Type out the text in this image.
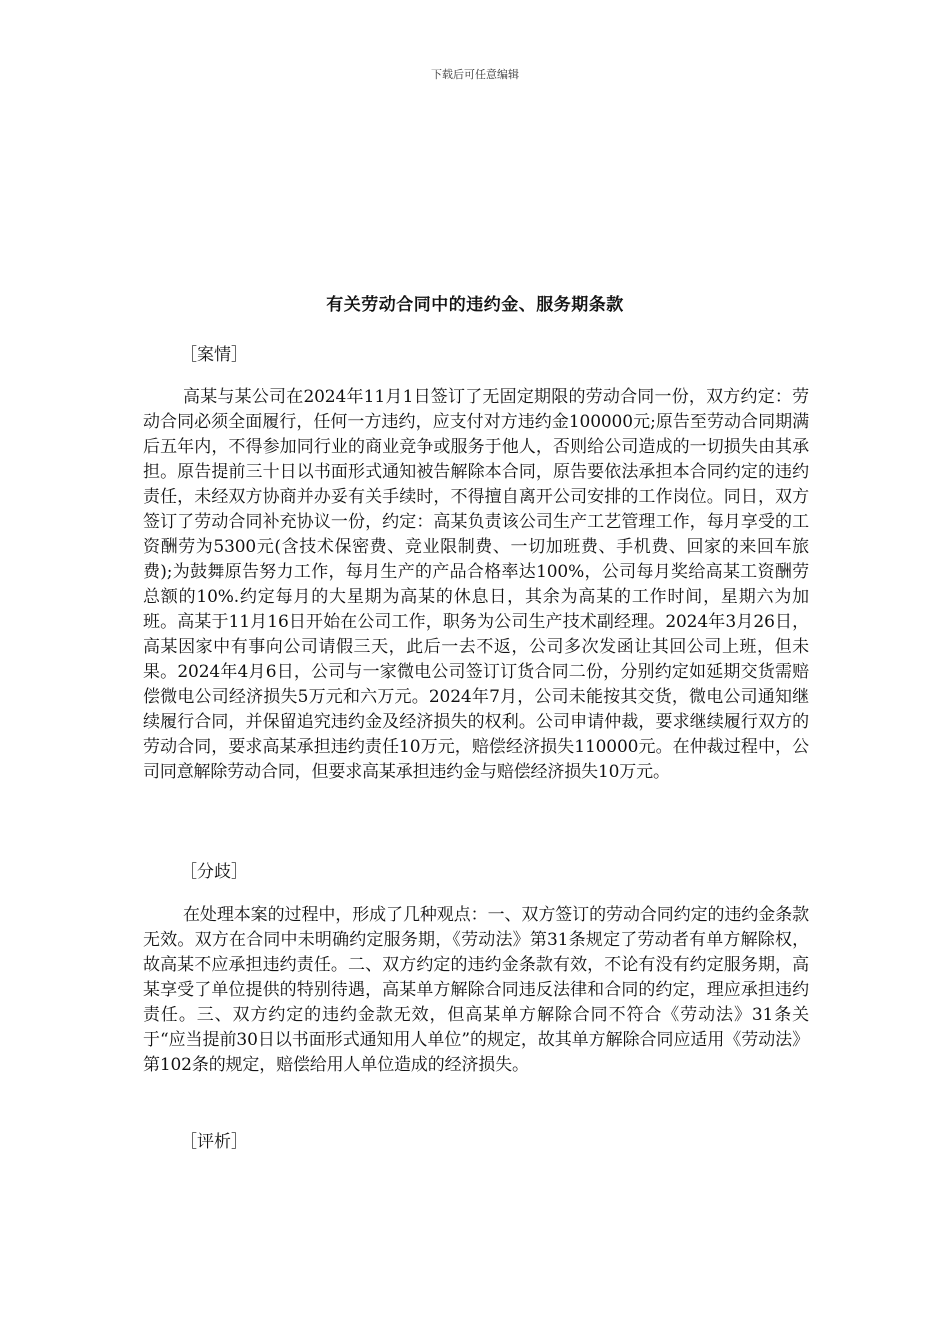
下载后可任意编辑
有关劳动合同中的违约金、服务期条款
［案情］

高某与某公司在2024年11月1日签订了无固定期限的劳动合同一份，双方约定：劳动合同必须全面履行，任何一方违约，应支付对方违约金100000元;原告至劳动合同期满后五年内，不得参加同行业的商业竞争或服务于他人，否则给公司造成的一切损失由其承担。原告提前三十日以书面形式通知被告解除本合同，原告要依法承担本合同约定的违约责任，未经双方协商并办妥有关手续时，不得擅自离开公司安排的工作岗位。同日，双方签订了劳动合同补充协议一份，约定：高某负责该公司生产工艺管理工作，每月享受的工资酬劳为5300元(含技术保密费、竞业限制费、一切加班费、手机费、回家的来回车旅费);为鼓舞原告努力工作，每月生产的产品合格率达100%，公司每月奖给高某工资酬劳总额的10%.约定每月的大星期为高某的休息日，其余为高某的工作时间，星期六为加班。高某于11月16日开始在公司工作，职务为公司生产技术副经理。2024年3月26日，高某因家中有事向公司请假三天，此后一去不返，公司多次发函让其回公司上班，但未果。2024年4月6日，公司与一家微电公司签订订货合同二份，分别约定如延期交货需赔偿微电公司经济损失5万元和六万元。2024年7月，公司未能按其交货，微电公司通知继续履行合同，并保留追究违约金及经济损失的权利。公司申请仲裁，要求继续履行双方的劳动合同，要求高某承担违约责任10万元，赔偿经济损失110000元。在仲裁过程中，公司同意解除劳动合同，但要求高某承担违约金与赔偿经济损失10万元。

［分歧］

在处理本案的过程中，形成了几种观点：一、双方签订的劳动合同约定的违约金条款无效。双方在合同中未明确约定服务期，《劳动法》第31条规定了劳动者有单方解除权，故高某不应承担违约责任。二、双方约定的违约金条款有效，不论有没有约定服务期，高某享受了单位提供的特别待遇，高某单方解除合同违反法律和合同的约定，理应承担违约责任。三、双方约定的违约金款无效，但高某单方解除合同不符合《劳动法》31条关于“应当提前30日以书面形式通知用人单位”的规定，故其单方解除合同应适用《劳动法》第102条的规定，赔偿给用人单位造成的经济损失。

［评析］
